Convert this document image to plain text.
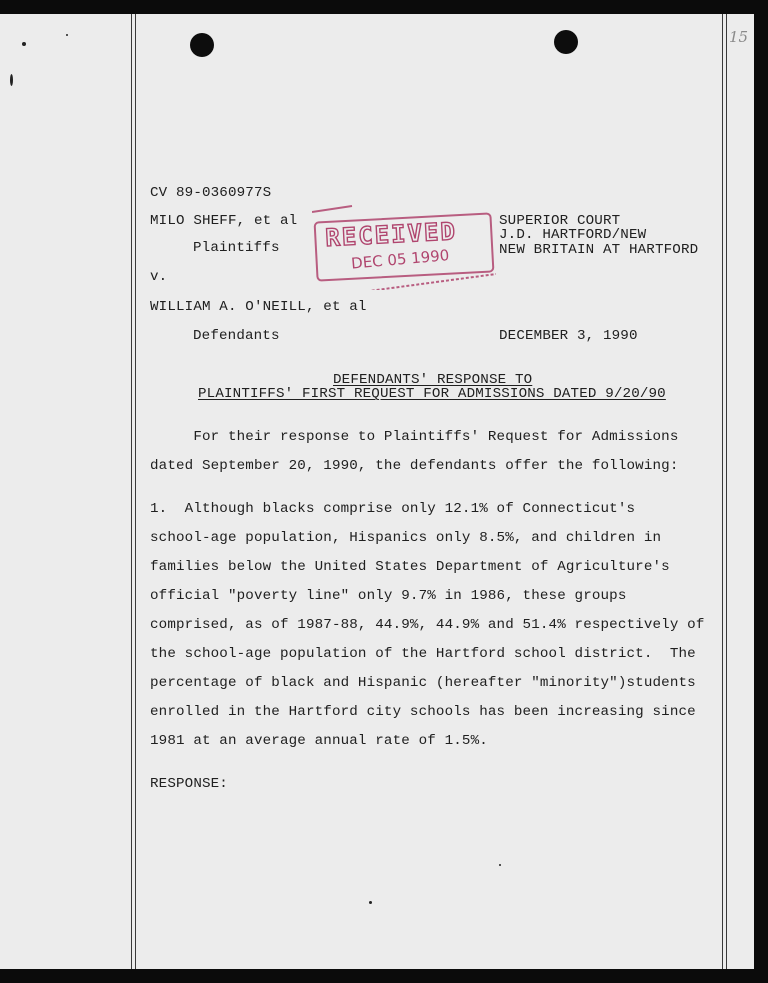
15
CV 89-0360977S
MILO SHEFF, et al
Plaintiffs
v.
WILLIAM A. O'NEILL, et al
Defendants
SUPERIOR COURT
J.D. HARTFORD/NEW
NEW BRITAIN AT HARTFORD
DECEMBER 3, 1990
RECEIVED
DEC 05 1990
DEFENDANTS' RESPONSE TO
PLAINTIFFS' FIRST REQUEST FOR ADMISSIONS DATED 9/20/90
For their response to Plaintiffs' Request for Admissions
dated September 20, 1990, the defendants offer the following:
1.  Although blacks comprise only 12.1% of Connecticut's
school-age population, Hispanics only 8.5%, and children in
families below the United States Department of Agriculture's
official "poverty line" only 9.7% in 1986, these groups
comprised, as of 1987-88, 44.9%, 44.9% and 51.4% respectively of
the school-age population of the Hartford school district.  The
percentage of black and Hispanic (hereafter "minority")students
enrolled in the Hartford city schools has been increasing since
1981 at an average annual rate of 1.5%.
RESPONSE:
